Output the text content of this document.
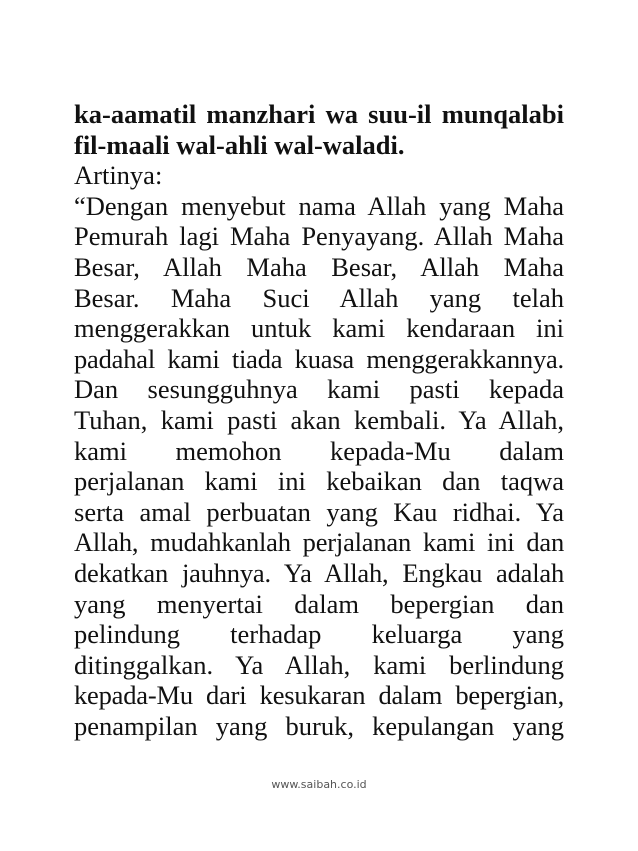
ka-aamatil manzhari wa suu-il munqalabi
fil-maali wal-ahli wal-waladi.
Artinya:
“Dengan menyebut nama Allah yang Maha
Pemurah lagi Maha Penyayang. Allah Maha
Besar, Allah Maha Besar, Allah Maha
Besar. Maha Suci Allah yang telah
menggerakkan untuk kami kendaraan ini
padahal kami tiada kuasa menggerakkannya.
Dan sesungguhnya kami pasti kepada
Tuhan, kami pasti akan kembali. Ya Allah,
kami memohon kepada-Mu dalam
perjalanan kami ini kebaikan dan taqwa
serta amal perbuatan yang Kau ridhai. Ya
Allah, mudahkanlah perjalanan kami ini dan
dekatkan jauhnya. Ya Allah, Engkau adalah
yang menyertai dalam bepergian dan
pelindung terhadap keluarga yang
ditinggalkan. Ya Allah, kami berlindung
kepada-Mu dari kesukaran dalam bepergian,
penampilan yang buruk, kepulangan yang
www.saibah.co.id
